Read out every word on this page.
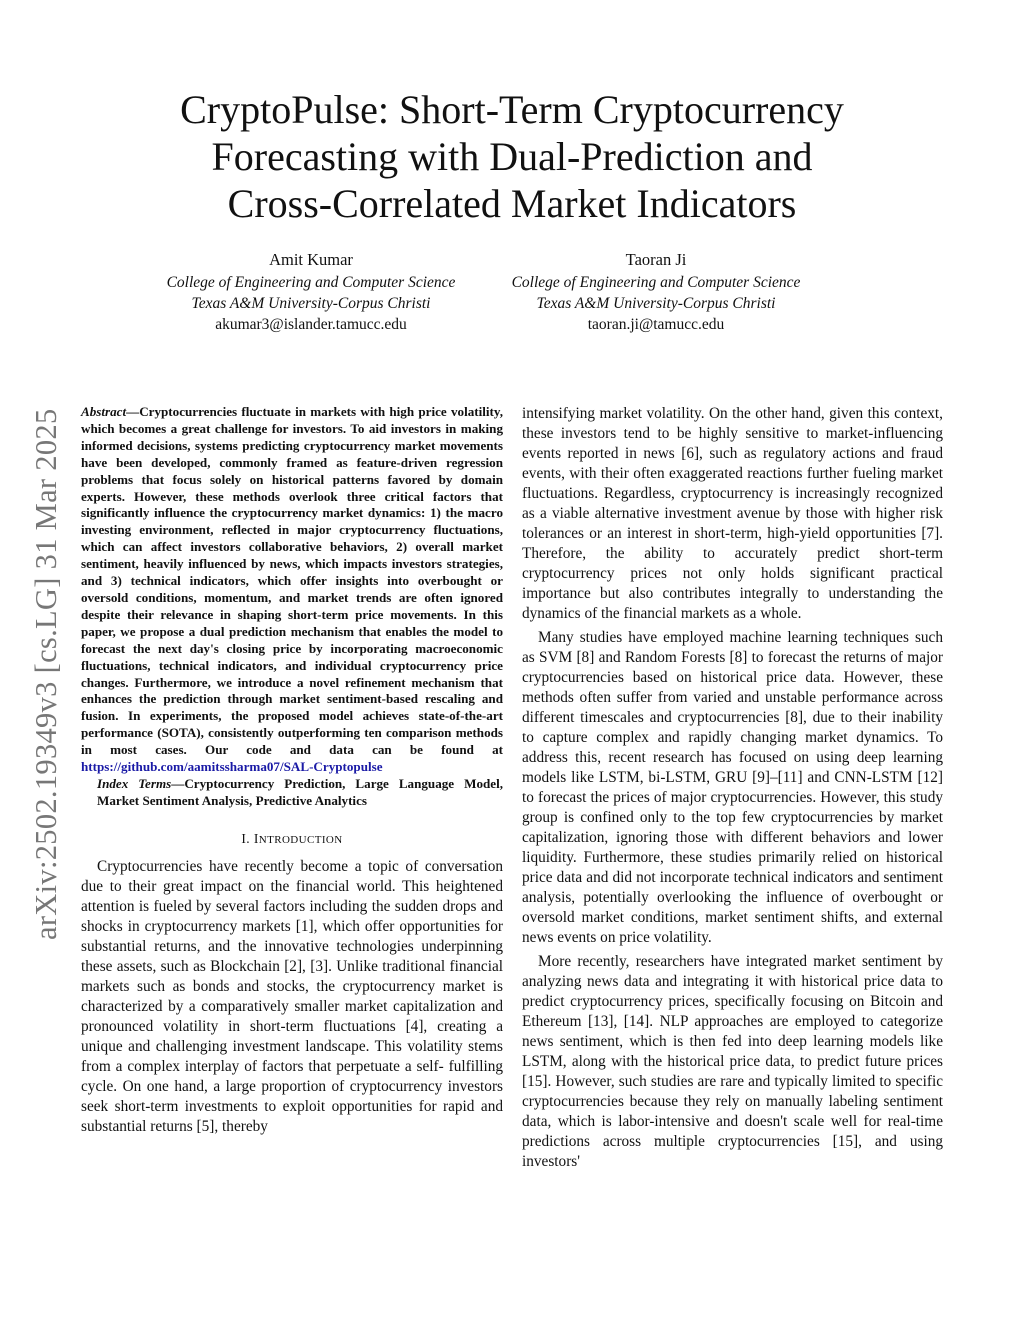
CryptoPulse: Short-Term Cryptocurrency
Forecasting with Dual-Prediction and
Cross-Correlated Market Indicators
Amit Kumar
College of Engineering and Computer Science
Texas A&M University-Corpus Christi
akumar3@islander.tamucc.edu
Taoran Ji
College of Engineering and Computer Science
Texas A&M University-Corpus Christi
taoran.ji@tamucc.edu
arXiv:2502.19349v3 [cs.LG] 31 Mar 2025 Abstract—Cryptocurrencies fluctuate in markets with high price volatility, which becomes a great challenge for investors. To aid investors in making informed decisions, systems predicting cryptocurrency market movements have been developed, commonly framed as feature-driven regression problems that focus solely on historical patterns favored by domain experts. However, these methods overlook three critical factors that significantly influence the cryptocurrency market dynamics: 1) the macro investing environment, reflected in major cryptocurrency fluctuations, which can affect investors collaborative behaviors, 2) overall market sentiment, heavily influenced by news, which impacts investors strategies, and 3) technical indicators, which offer insights into overbought or oversold conditions, momentum, and market trends are often ignored despite their relevance in shaping short-term price movements. In this paper, we propose a dual prediction mechanism that enables the model to forecast the next day's closing price by incorporating macroeconomic fluctuations, technical indicators, and individual cryptocurrency price changes. Furthermore, we introduce a novel refinement mechanism that enhances the prediction through market sentiment-based rescaling and fusion. In experiments, the proposed model achieves state-of-the-art performance (SOTA), consistently outperforming ten comparison methods in most cases. Our code and data can be found at https://github.com/aamitssharma07/SAL-Cryptopulse

Index Terms—Cryptocurrency Prediction, Large Language Model, Market Sentiment Analysis, Predictive Analytics

I. INTRODUCTION

Cryptocurrencies have recently become a topic of conversation due to their great impact on the financial world. This heightened attention is fueled by several factors including the sudden drops and shocks in cryptocurrency markets [1], which offer opportunities for substantial returns, and the innovative technologies underpinning these assets, such as Blockchain [2], [3]. Unlike traditional financial markets such as bonds and stocks, the cryptocurrency market is characterized by a comparatively smaller market capitalization and pronounced volatility in short-term fluctuations [4], creating a unique and challenging investment landscape. This volatility stems from a complex interplay of factors that perpetuate a self- fulfilling cycle. On one hand, a large proportion of cryptocurrency investors seek short-term investments to exploit opportunities for rapid and substantial returns [5], thereby

intensifying market volatility. On the other hand, given this context, these investors tend to be highly sensitive to market-influencing events reported in news [6], such as regulatory actions and fraud events, with their often exaggerated reactions further fueling market fluctuations. Regardless, cryptocurrency is increasingly recognized as a viable alternative investment avenue by those with higher risk tolerances or an interest in short-term, high-yield opportunities [7]. Therefore, the ability to accurately predict short-term cryptocurrency prices not only holds significant practical importance but also contributes integrally to understanding the dynamics of the financial markets as a whole.

Many studies have employed machine learning techniques such as SVM [8] and Random Forests [8] to forecast the returns of major cryptocurrencies based on historical price data. However, these methods often suffer from varied and unstable performance across different timescales and cryptocurrencies [8], due to their inability to capture complex and rapidly changing market dynamics. To address this, recent research has focused on using deep learning models like LSTM, bi-LSTM, GRU [9]–[11] and CNN-LSTM [12] to forecast the prices of major cryptocurrencies. However, this study group is confined only to the top few cryptocurrencies by market capitalization, ignoring those with different behaviors and lower liquidity. Furthermore, these studies primarily relied on historical price data and did not incorporate technical indicators and sentiment analysis, potentially overlooking the influence of overbought or oversold market conditions, market sentiment shifts, and external news events on price volatility.

More recently, researchers have integrated market sentiment by analyzing news data and integrating it with historical price data to predict cryptocurrency prices, specifically focusing on Bitcoin and Ethereum [13], [14]. NLP approaches are employed to categorize news sentiment, which is then fed into deep learning models like LSTM, along with the historical price data, to predict future prices [15]. However, such studies are rare and typically limited to specific cryptocurrencies because they rely on manually labeling sentiment data, which is labor-intensive and doesn't scale well for real-time predictions across multiple cryptocurrencies [15], and using investors'
